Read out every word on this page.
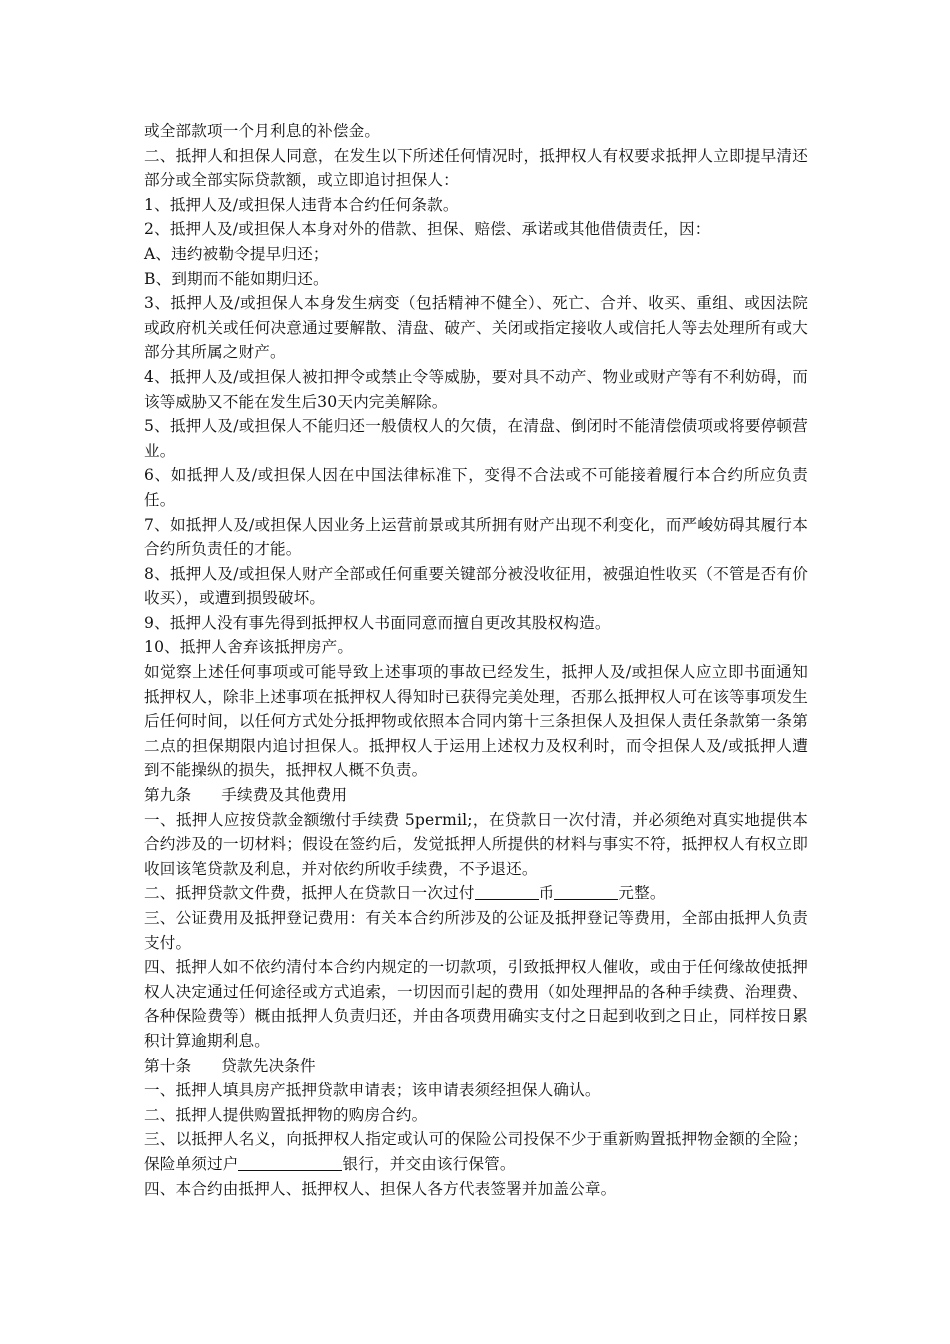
或全部款项一个月利息的补偿金。

二、抵押人和担保人同意，在发生以下所述任何情况时，抵押权人有权要求抵押人立即提早清还部分或全部实际贷款额，或立即追讨担保人：

1、抵押人及/或担保人违背本合约任何条款。

2、抵押人及/或担保人本身对外的借款、担保、赔偿、承诺或其他借债责任，因：

A、违约被勒令提早归还；

B、到期而不能如期归还。

3、抵押人及/或担保人本身发生病变（包括精神不健全）、死亡、合并、收买、重组、或因法院或政府机关或任何决意通过要解散、清盘、破产、关闭或指定接收人或信托人等去处理所有或大部分其所属之财产。

4、抵押人及/或担保人被扣押令或禁止令等威胁，要对具不动产、物业或财产等有不利妨碍，而该等威胁又不能在发生后30天内完美解除。

5、抵押人及/或担保人不能归还一般债权人的欠债，在清盘、倒闭时不能清偿债项或将要停顿营业。

6、如抵押人及/或担保人因在中国法律标准下，变得不合法或不可能接着履行本合约所应负责任。

7、如抵押人及/或担保人因业务上运营前景或其所拥有财产出现不利变化，而严峻妨碍其履行本合约所负责任的才能。

8、抵押人及/或担保人财产全部或任何重要关键部分被没收征用，被强迫性收买（不管是否有价收买），或遭到损毁破坏。

9、抵押人没有事先得到抵押权人书面同意而擅自更改其股权构造。

10、抵押人舍弃该抵押房产。

如觉察上述任何事项或可能导致上述事项的事故已经发生，抵押人及/或担保人应立即书面通知抵押权人，除非上述事项在抵押权人得知时已获得完美处理，否那么抵押权人可在该等事项发生后任何时间，以任何方式处分抵押物或依照本合同内第十三条担保人及担保人责任条款第一条第二点的担保期限内追讨担保人。抵押权人于运用上述权力及权利时，而令担保人及/或抵押人遭到不能操纵的损失，抵押权人概不负责。

第九条 手续费及其他费用

一、抵押人应按贷款金额缴付手续费 5permil;，在贷款日一次付清，并必须绝对真实地提供本合约涉及的一切材料；假设在签约后，发觉抵押人所提供的材料与事实不符，抵押权人有权立即收回该笔贷款及利息，并对依约所收手续费，不予退还。

二、抵押贷款文件费，抵押人在贷款日一次过付	币	元整。

三、公证费用及抵押登记费用：有关本合约所涉及的公证及抵押登记等费用，全部由抵押人负责支付。

四、抵押人如不依约清付本合约内规定的一切款项，引致抵押权人催收，或由于任何缘故使抵押权人决定通过任何途径或方式追索，一切因而引起的费用（如处理押品的各种手续费、治理费、各种保险费等）概由抵押人负责归还，并由各项费用确实支付之日起到收到之日止，同样按日累积计算逾期利息。

第十条 贷款先决条件

一、抵押人填具房产抵押贷款申请表；该申请表须经担保人确认。

二、抵押人提供购置抵押物的购房合约。

三、以抵押人名义，向抵押权人指定或认可的保险公司投保不少于重新购置抵押物金额的全险；保险单须过户	银行，并交由该行保管。

四、本合约由抵押人、抵押权人、担保人各方代表签署并加盖公章。
